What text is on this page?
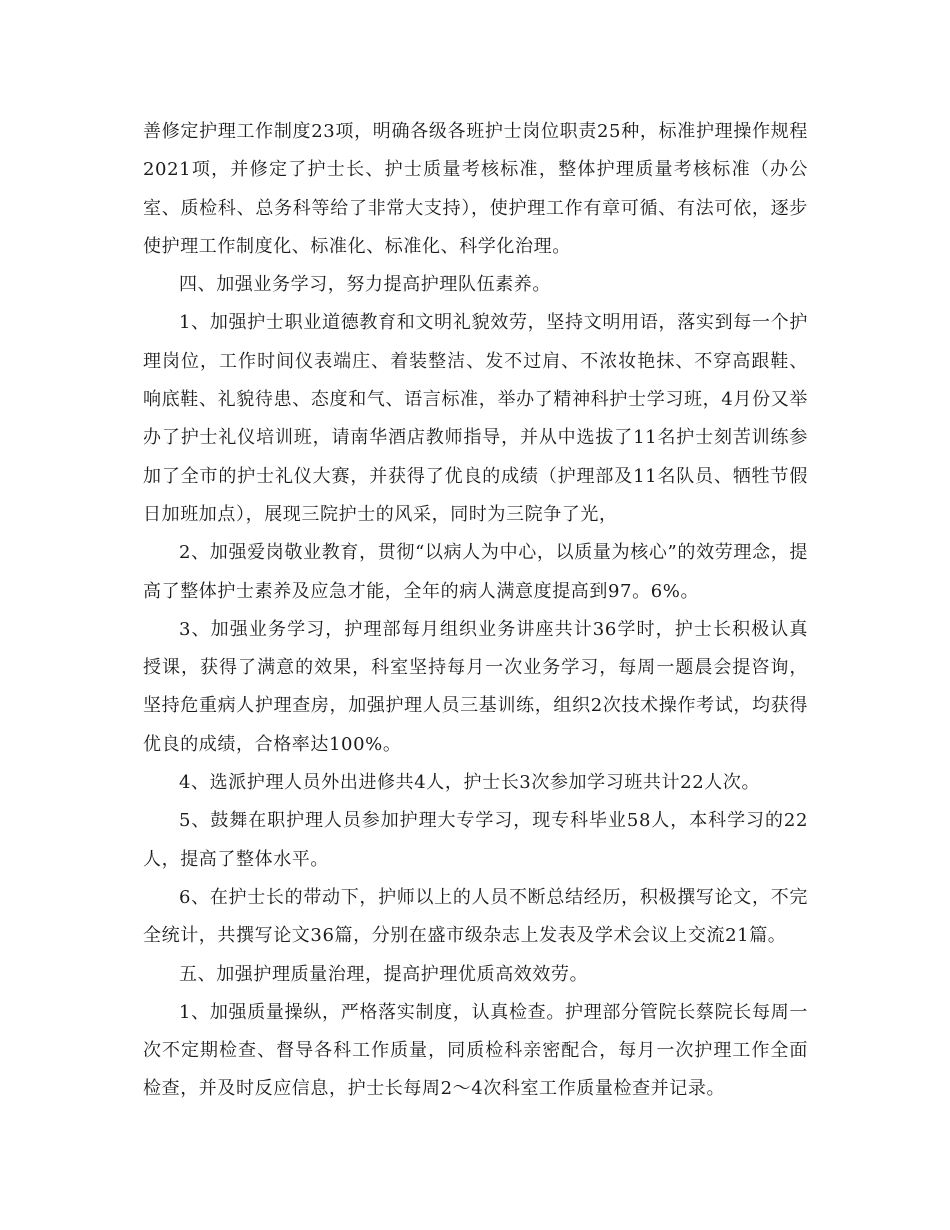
善修定护理工作制度23项，明确各级各班护士岗位职责25种，标准护理操作规程2021项，并修定了护士长、护士质量考核标准，整体护理质量考核标准（办公室、质检科、总务科等给了非常大支持），使护理工作有章可循、有法可依，逐步使护理工作制度化、标准化、标准化、科学化治理。

四、加强业务学习，努力提高护理队伍素养。

1、加强护士职业道德教育和文明礼貌效劳，坚持文明用语，落实到每一个护理岗位，工作时间仪表端庄、着装整洁、发不过肩、不浓妆艳抹、不穿高跟鞋、响底鞋、礼貌待患、态度和气、语言标准，举办了精神科护士学习班，4月份又举办了护士礼仪培训班，请南华酒店教师指导，并从中选拔了11名护士刻苦训练参加了全市的护士礼仪大赛，并获得了优良的成绩（护理部及11名队员、牺牲节假日加班加点），展现三院护士的风采，同时为三院争了光，

2、加强爱岗敬业教育，贯彻“以病人为中心，以质量为核心”的效劳理念，提高了整体护士素养及应急才能，全年的病人满意度提高到97。6%。

3、加强业务学习，护理部每月组织业务讲座共计36学时，护士长积极认真授课，获得了满意的效果，科室坚持每月一次业务学习，每周一题晨会提咨询，坚持危重病人护理查房，加强护理人员三基训练，组织2次技术操作考试，均获得优良的成绩，合格率达100%。

4、选派护理人员外出进修共4人，护士长3次参加学习班共计22人次。

5、鼓舞在职护理人员参加护理大专学习，现专科毕业58人，本科学习的22人，提高了整体水平。

6、在护士长的带动下，护师以上的人员不断总结经历，积极撰写论文，不完全统计，共撰写论文36篇，分别在盛市级杂志上发表及学术会议上交流21篇。

五、加强护理质量治理，提高护理优质高效效劳。

1、加强质量操纵，严格落实制度，认真检查。护理部分管院长蔡院长每周一次不定期检查、督导各科工作质量，同质检科亲密配合，每月一次护理工作全面检查，并及时反应信息，护士长每周2～4次科室工作质量检查并记录。
